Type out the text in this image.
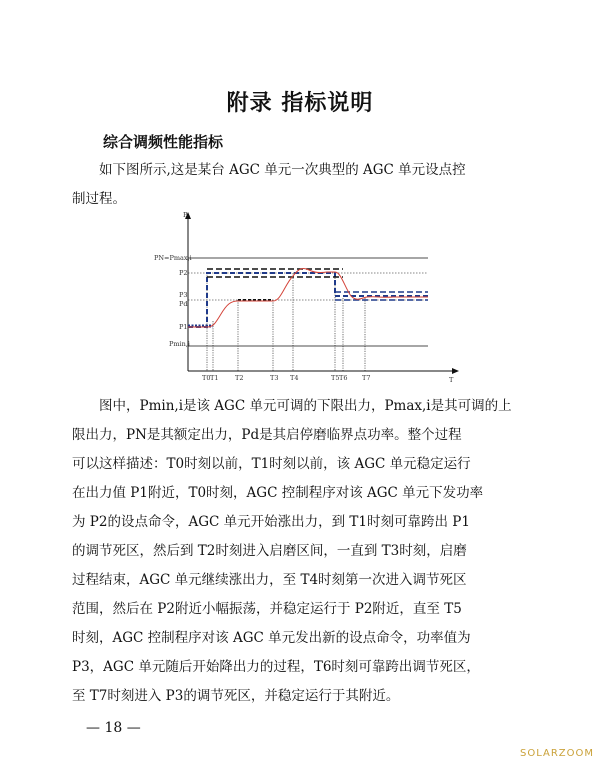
附录 指标说明
综合调频性能指标
如下图所示,这是某台 AGC 单元一次典型的 AGC 单元设点控
制过程。
P
T
PN=Pmax,i
P2
P3
Pd
P1
Pmin,i
T0 T1	T2	T3 T4	T5 T6 T7
图中，Pmin,i是该 AGC 单元可调的下限出力，Pmax,i是其可调的上
限出力，PN是其额定出力，Pd是其启停磨临界点功率。整个过程
可以这样描述：T0时刻以前，T1时刻以前，该 AGC 单元稳定运行
在出力值 P1附近，T0时刻，AGC 控制程序对该 AGC 单元下发功率
为 P2的设点命令，AGC 单元开始涨出力，到 T1时刻可靠跨出 P1
的调节死区，然后到 T2时刻进入启磨区间，一直到 T3时刻，启磨
过程结束，AGC 单元继续涨出力，至 T4时刻第一次进入调节死区
范围，然后在 P2附近小幅振荡，并稳定运行于 P2附近，直至 T5
时刻，AGC 控制程序对该 AGC 单元发出新的设点命令，功率值为
P3，AGC 单元随后开始降出力的过程，T6时刻可靠跨出调节死区，
至 T7时刻进入 P3的调节死区，并稳定运行于其附近。
— 18 —
SOLARZOOM
